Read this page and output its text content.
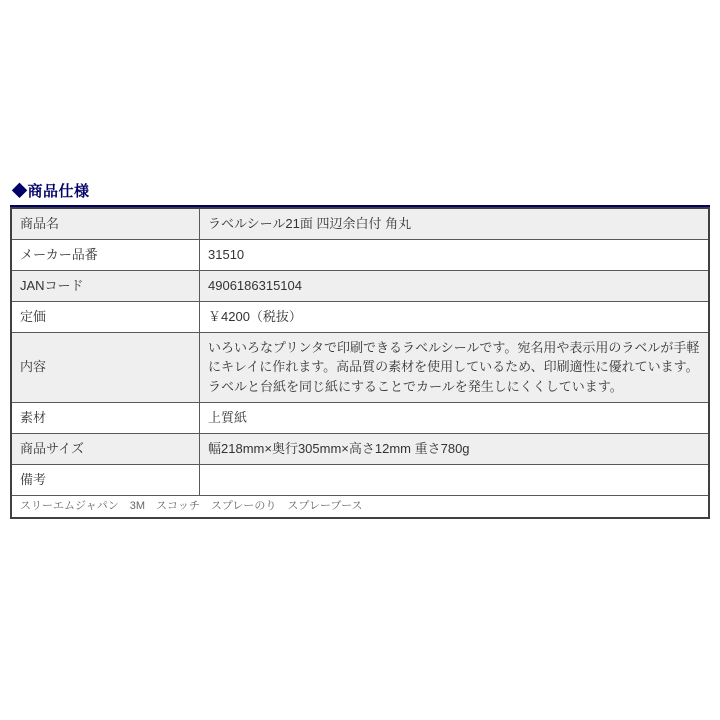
◆商品仕様
商品名	ラベルシール21面 四辺余白付 角丸
メーカー品番	31510
JANコード	4906186315104
定価	￥4200（税抜）
内容	いろいろなプリンタで印刷できるラベルシールです。宛名用や表示用のラベルが手軽にキレイに作れます。高品質の素材を使用しているため、印刷適性に優れています。ラベルと台紙を同じ紙にすることでカールを発生しにくくしています。
素材	上質紙
商品サイズ	幅218mm×奥行305mm×高さ12mm 重さ780g
備考	
スリーエムジャパン　3M　スコッチ　スプレーのり　スプレーブース	
